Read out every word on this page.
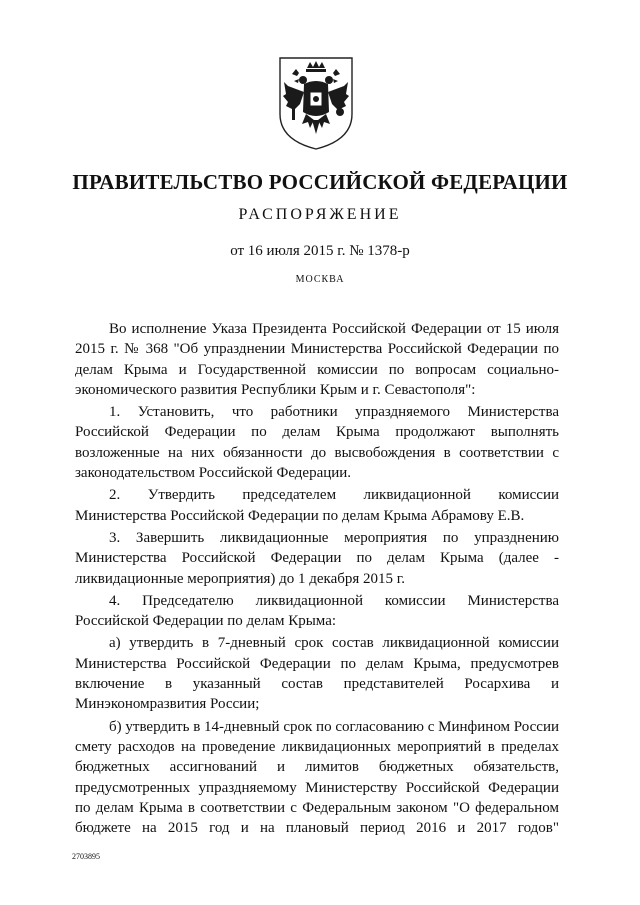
ПРАВИТЕЛЬСТВО РОССИЙСКОЙ ФЕДЕРАЦИИ
РАСПОРЯЖЕНИЕ
от 16 июля 2015 г. № 1378-р
МОСКВА

Во исполнение Указа Президента Российской Федерации от 15 июля 2015 г. № 368 "Об упразднении Министерства Российской Федерации по делам Крыма и Государственной комиссии по вопросам социально-экономического развития Республики Крым и г. Севастополя":

1. Установить, что работники упраздняемого Министерства Российской Федерации по делам Крыма продолжают выполнять возложенные на них обязанности до высвобождения в соответствии с законодательством Российской Федерации.

2. Утвердить председателем ликвидационной комиссии Министерства Российской Федерации по делам Крыма Абрамову Е.В.

3. Завершить ликвидационные мероприятия по упразднению Министерства Российской Федерации по делам Крыма (далее - ликвидационные мероприятия) до 1 декабря 2015 г.

4. Председателю ликвидационной комиссии Министерства Российской Федерации по делам Крыма:

а) утвердить в 7-дневный срок состав ликвидационной комиссии Министерства Российской Федерации по делам Крыма, предусмотрев включение в указанный состав представителей Росархива и Минэкономразвития России;

б) утвердить в 14-дневный срок по согласованию с Минфином России смету расходов на проведение ликвидационных мероприятий в пределах бюджетных ассигнований и лимитов бюджетных обязательств, предусмотренных упраздняемому Министерству Российской Федерации по делам Крыма в соответствии с Федеральным законом "О федеральном бюджете на 2015 год и на плановый период 2016 и 2017 годов"

2703895
